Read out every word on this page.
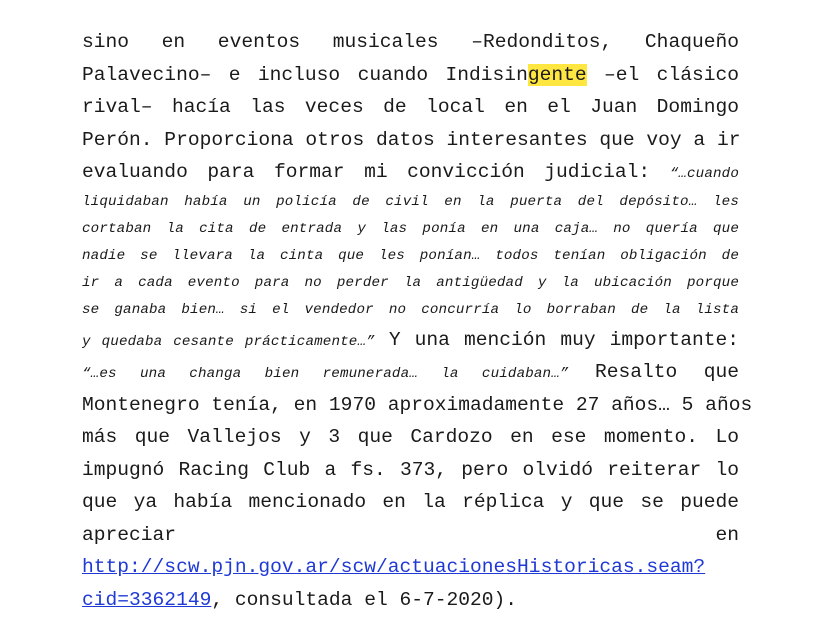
sino en eventos musicales –Redonditos, Chaqueño
Palavecino– e incluso cuando Indisingente –el clásico
rival– hacía las veces de local en el Juan Domingo
Perón. Proporciona otros datos interesantes que voy a ir
evaluando para formar mi convicción judicial: “…cuando
liquidaban había un policía de civil en la puerta del depósito… les
cortaban la cita de entrada y las ponía en una caja… no quería que
nadie se llevara la cinta que les ponían… todos tenían obligación de
ir a cada evento para no perder la antigüedad y la ubicación porque
se ganaba bien… si el vendedor no concurría lo borraban de la lista
y quedaba cesante prácticamente…” Y una mención muy importante:
“…es una changa bien remunerada… la cuidaban…” Resalto que
Montenegro tenía, en 1970 aproximadamente 27 años… 5 años
más que Vallejos y 3 que Cardozo en ese momento. Lo
impugnó Racing Club a fs. 373, pero olvidó reiterar lo
que ya había mencionado en la réplica y que se puede
apreciar	en
http://scw.pjn.gov.ar/scw/actuacionesHistoricas.seam?
cid=3362149, consultada el 6-7-2020).
